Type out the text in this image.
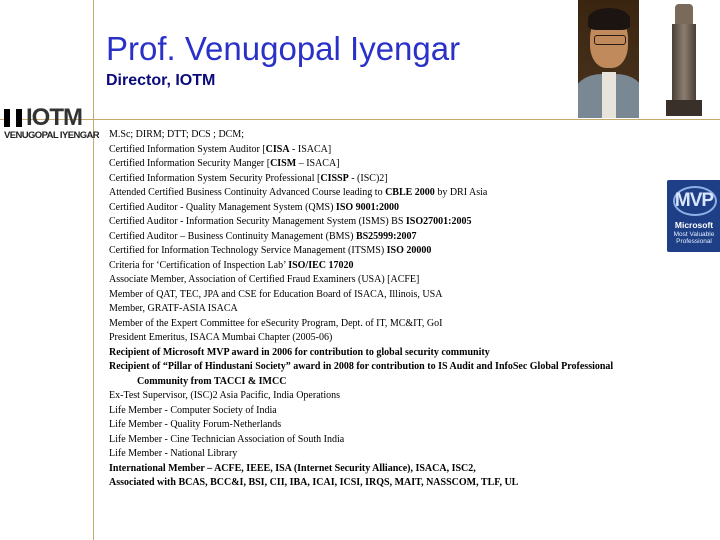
Prof. Venugopal Iyengar
Director, IOTM
IOTM
VENUGOPAL IYENGAR
MVP
Microsoft
Most Valuable
Professional
M.Sc; DIRM; DTT; DCS ; DCM;
Certified Information System Auditor [CISA - ISACA]
Certified Information Security Manger [CISM – ISACA]
Certified Information System Security Professional [CISSP - (ISC)2]
Attended Certified Business Continuity Advanced Course leading to CBLE 2000 by DRI Asia
Certified Auditor - Quality Management System (QMS) ISO 9001:2000
Certified Auditor - Information Security Management System (ISMS) BS ISO27001:2005
Certified Auditor – Business Continuity Management (BMS) BS25999:2007
Certified for Information Technology Service Management (ITSMS) ISO 20000
Criteria for ‘Certification of Inspection Lab’ ISO/IEC 17020
Associate Member, Association of Certified Fraud Examiners (USA) [ACFE]
Member of QAT, TEC, JPA and CSE for Education Board of ISACA, Illinois, USA
Member, GRATF-ASIA ISACA
Member of the Expert Committee for eSecurity Program, Dept. of IT, MC&IT, GoI
President Emeritus, ISACA Mumbai Chapter (2005-06)
Recipient of Microsoft MVP award in 2006 for contribution to global security community
Recipient of “Pillar of Hindustani Society” award in 2008 for contribution to IS Audit and InfoSec Global Professional
Community from TACCI & IMCC
Ex-Test Supervisor, (ISC)2 Asia Pacific, India Operations
Life Member - Computer Society of India
Life Member - Quality Forum-Netherlands
Life Member - Cine Technician Association of South India
Life Member - National Library
International Member – ACFE, IEEE, ISA (Internet Security Alliance), ISACA, ISC2,
Associated with BCAS, BCC&I, BSI, CII, IBA, ICAI, ICSI, IRQS, MAIT, NASSCOM, TLF, UL
